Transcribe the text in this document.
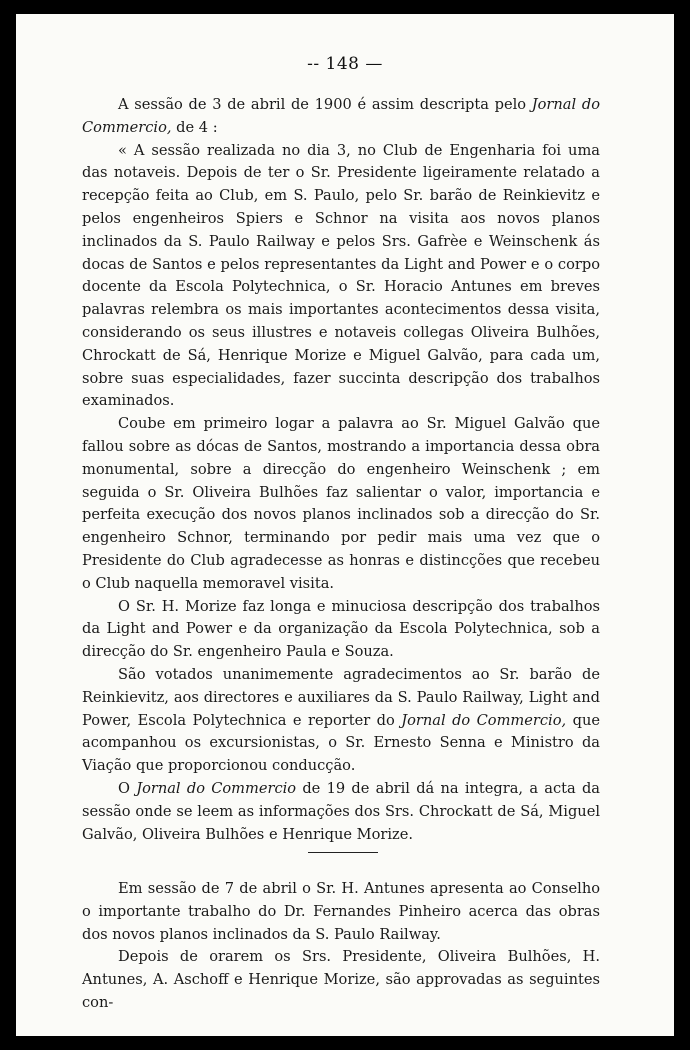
-- 148 —

A sessão de 3 de abril de 1900 é assim descripta pelo Jornal do Commercio, de 4 :

« A sessão realizada no dia 3, no Club de Engenharia foi uma das notaveis. Depois de ter o Sr. Presidente ligeiramente relatado a recepção feita ao Club, em S. Paulo, pelo Sr. barão de Reinkievitz e pelos engenheiros Spiers e Schnor na visita aos novos planos inclinados da S. Paulo Railway e pelos Srs. Gafrèe e Weinschenk ás docas de Santos e pelos representantes da Light and Power e o corpo docente da Escola Polytechnica, o Sr. Horacio Antunes em breves palavras relembra os mais importantes acontecimentos dessa visita, considerando os seus illustres e notaveis collegas Oliveira Bulhões, Chrockatt de Sá, Henrique Morize e Miguel Galvão, para cada um, sobre suas especialidades, fazer succinta descripção dos trabalhos examinados.

Coube em primeiro logar a palavra ao Sr. Miguel Galvão que fallou sobre as dócas de Santos, mostrando a importancia dessa obra monumental, sobre a direcção do engenheiro Weinschenk ; em seguida o Sr. Oliveira Bulhões faz salientar o valor, importancia e perfeita execução dos novos planos inclinados sob a direcção do Sr. engenheiro Schnor, terminando por pedir mais uma vez que o Presidente do Club agradecesse as honras e distincções que recebeu o Club naquella memoravel visita.

O Sr. H. Morize faz longa e minuciosa descripção dos trabalhos da Light and Power e da organização da Escola Polytechnica, sob a direcção do Sr. engenheiro Paula e Souza.

São votados unanimemente agradecimentos ao Sr. barão de Reinkievitz, aos directores e auxiliares da S. Paulo Railway, Light and Power, Escola Polytechnica e reporter do Jornal do Commercio, que acompanhou os excursionistas, o Sr. Ernesto Senna e Ministro da Viação que proporcionou conducção.

O Jornal do Commercio de 19 de abril dá na integra, a acta da sessão onde se leem as informações dos Srs. Chrockatt de Sá, Miguel Galvão, Oliveira Bulhões e Henrique Morize.

Em sessão de 7 de abril o Sr. H. Antunes apresenta ao Conselho o importante trabalho do Dr. Fernandes Pinheiro acerca das obras dos novos planos inclinados da S. Paulo Railway.

Depois de orarem os Srs. Presidente, Oliveira Bulhões, H. Antunes, A. Aschoff e Henrique Morize, são approvadas as seguintes con-
